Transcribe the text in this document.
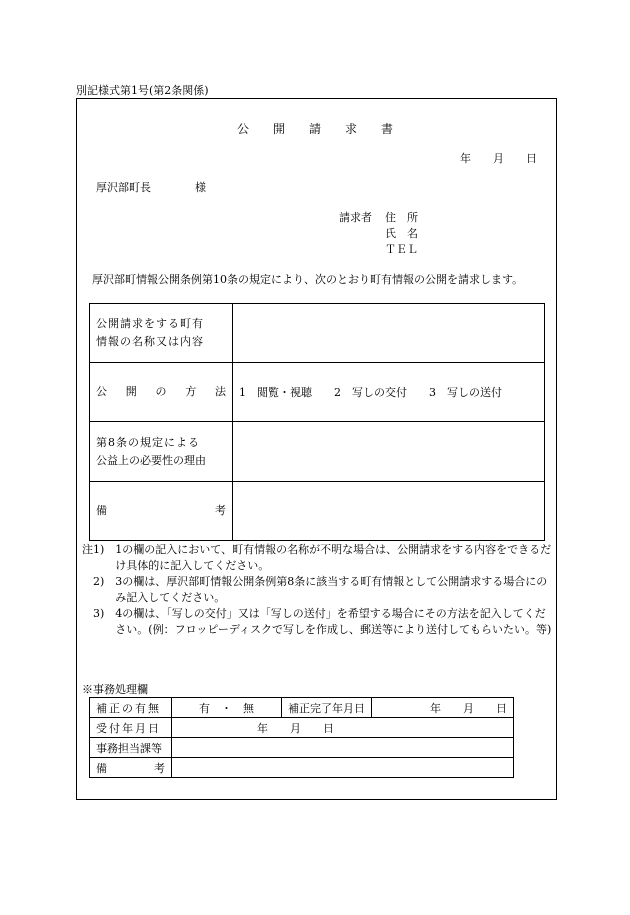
別記様式第1号(第2条関係)
公　　開　　請　　求　　書
年　　月　　日
厚沢部町長　　　　様
請求者 住　所
氏　名
ＴＥＬ
厚沢部町情報公開条例第10条の規定により、次のとおり町有情報の公開を請求します。
公開請求をする町有
情報の名称又は内容	

公 開 の 方 法	1　閲覧・視聴 2　写しの交付 3　写しの送付

第8条の規定による
公益上の必要性の理由	

備 考	

注1)　 1の欄の記入において、町有情報の名称が不明な場合は、公開請求をする内容をできるだけ具体的に記入してください。
　2)　 3の欄は、厚沢部町情報公開条例第8条に該当する町有情報として公開請求する場合にのみ記入してください。
　3)　 4の欄は、「写しの交付」又は「写しの送付」を希望する場合にその方法を記入してください。(例：フロッピーディスクで写しを作成し、郵送等により送付してもらいたい。等)
※事務処理欄
補正の有無	有　・　無	補正完了年月日	年　　月　　日
受付年月日	年　　月　　日		
事務担当課等			

備 考			
